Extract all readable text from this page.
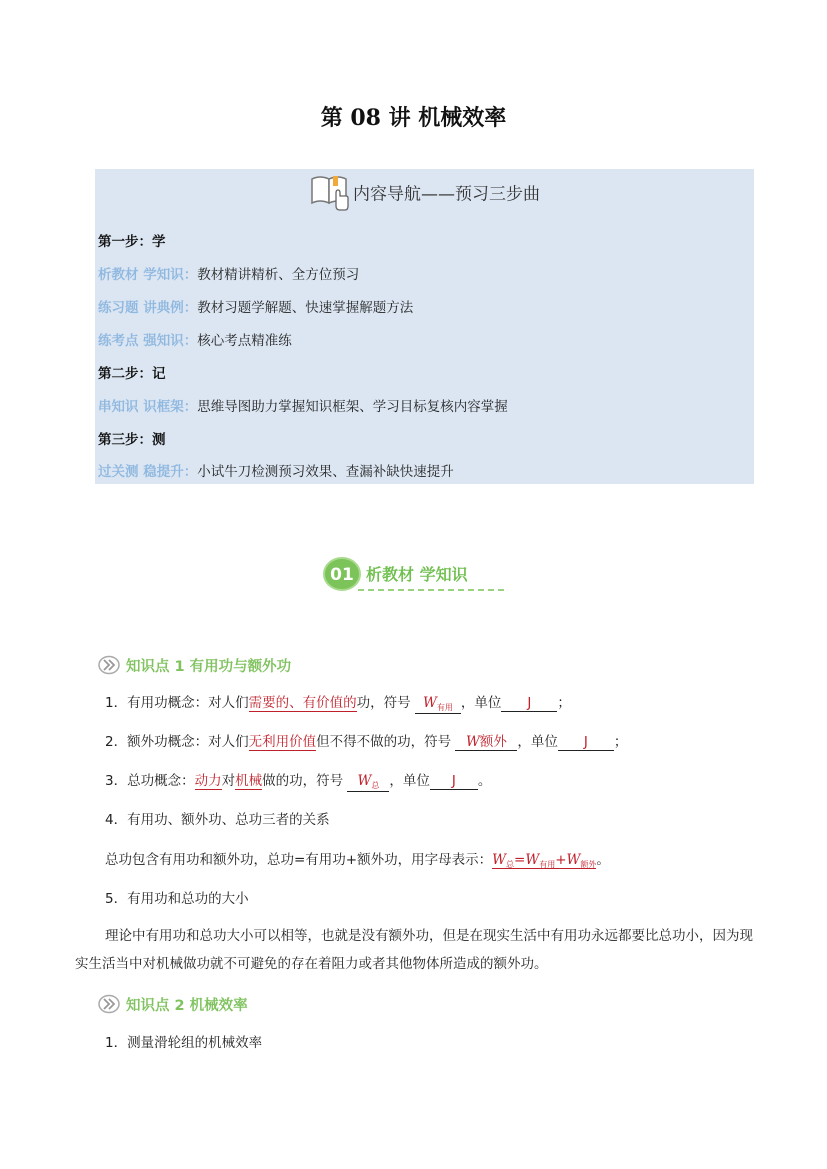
第 08 讲 机械效率
内容导航——预习三步曲
第一步：学
析教材 学知识：教材精讲精析、全方位预习
练习题 讲典例：教材习题学解题、快速掌握解题方法
练考点 强知识：核心考点精准练
第二步：记
串知识 识框架：思维导图助力掌握知识框架、学习目标复核内容掌握
第三步：测
过关测 稳提升：小试牛刀检测预习效果、查漏补缺快速提升
01 析教材 学知识
知识点 1 有用功与额外功
1．有用功概念：对人们需要的、有价值的功，符号 $W_{有用}$ ，单位 J ；
2．额外功概念：对人们无利用价值但不得不做的功，符号 W额外 ，单位 J ；
3．总功概念：动力对机械做的功，符号 $W_总$ ，单位 J 。
4．有用功、额外功、总功三者的关系
总功包含有用功和额外功，总功=有用功+额外功，用字母表示：$W_总=W_{有用}+W_{额外}$。
5．有用功和总功的大小
理论中有用功和总功大小可以相等，也就是没有额外功，但是在现实生活中有用功永远都要比总功小，因为现实生活当中对机械做功就不可避免的存在着阻力或者其他物体所造成的额外功。
知识点 2 机械效率
1．测量滑轮组的机械效率
